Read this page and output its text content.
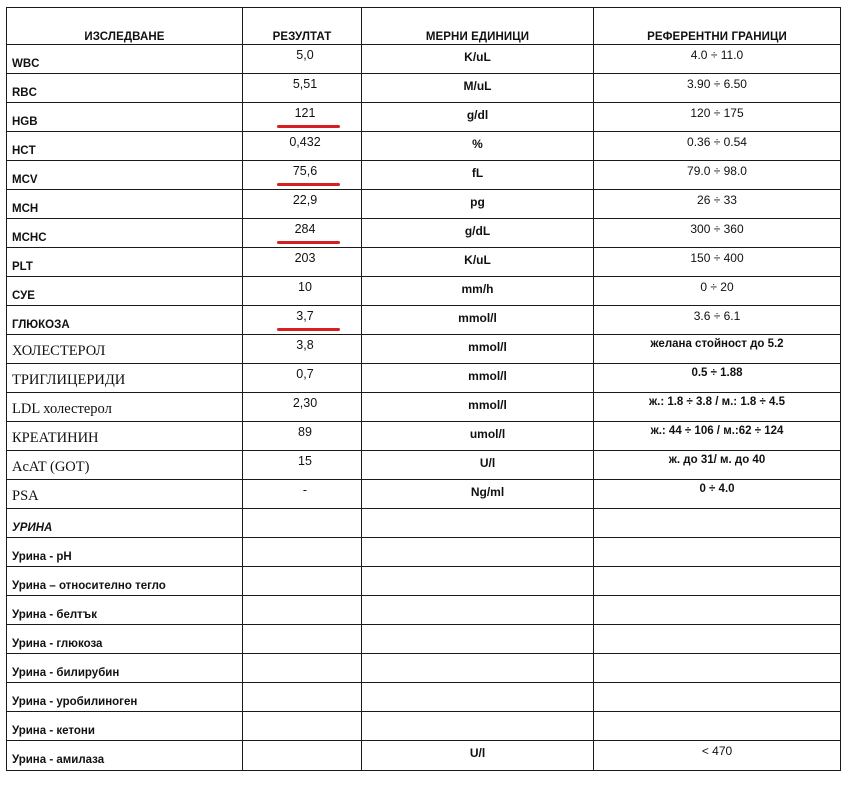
ИЗСЛЕДВАНЕ	РЕЗУЛТАТ	МЕРНИ ЕДИНИЦИ	РЕФЕРЕНТНИ ГРАНИЦИ

WBC	5,0	K/uL	4.0 ÷ 11.0

RBC	5,51	M/uL	3.90 ÷ 6.50

HGB	121	g/dl	120 ÷ 175

HCT	0,432	%	0.36 ÷ 0.54

MCV	75,6	fL	79.0 ÷ 98.0

MCH	22,9	pg	26 ÷ 33

MCHC	284	g/dL	300 ÷ 360

PLT	203	K/uL	150 ÷ 400

СУЕ	10	mm/h	0 ÷ 20

ГЛЮКОЗА	3,7	mmol/l	3.6 ÷ 6.1

ХОЛЕСТЕРОЛ	3,8	mmol/l	желана стойност до 5.2

ТРИГЛИЦЕРИДИ	0,7	mmol/l	0.5 ÷ 1.88

LDL холестерол	2,30	mmol/l	ж.: 1.8 ÷ 3.8 / м.: 1.8 ÷ 4.5

КРЕАТИНИН	89	umol/l	ж.: 44 ÷ 106 / м.:62 ÷ 124

AcAT (GOT)	15	U/l	ж. до 31/ м. до 40

PSA	-	Ng/ml	0 ÷ 4.0

УРИНА			

Урина - pH			

Урина – относително тегло			

Урина - белтък			

Урина - глюкоза			

Урина - билирубин			

Урина - уробилиноген			

Урина - кетони			

Урина - амилаза		U/l	< 470
